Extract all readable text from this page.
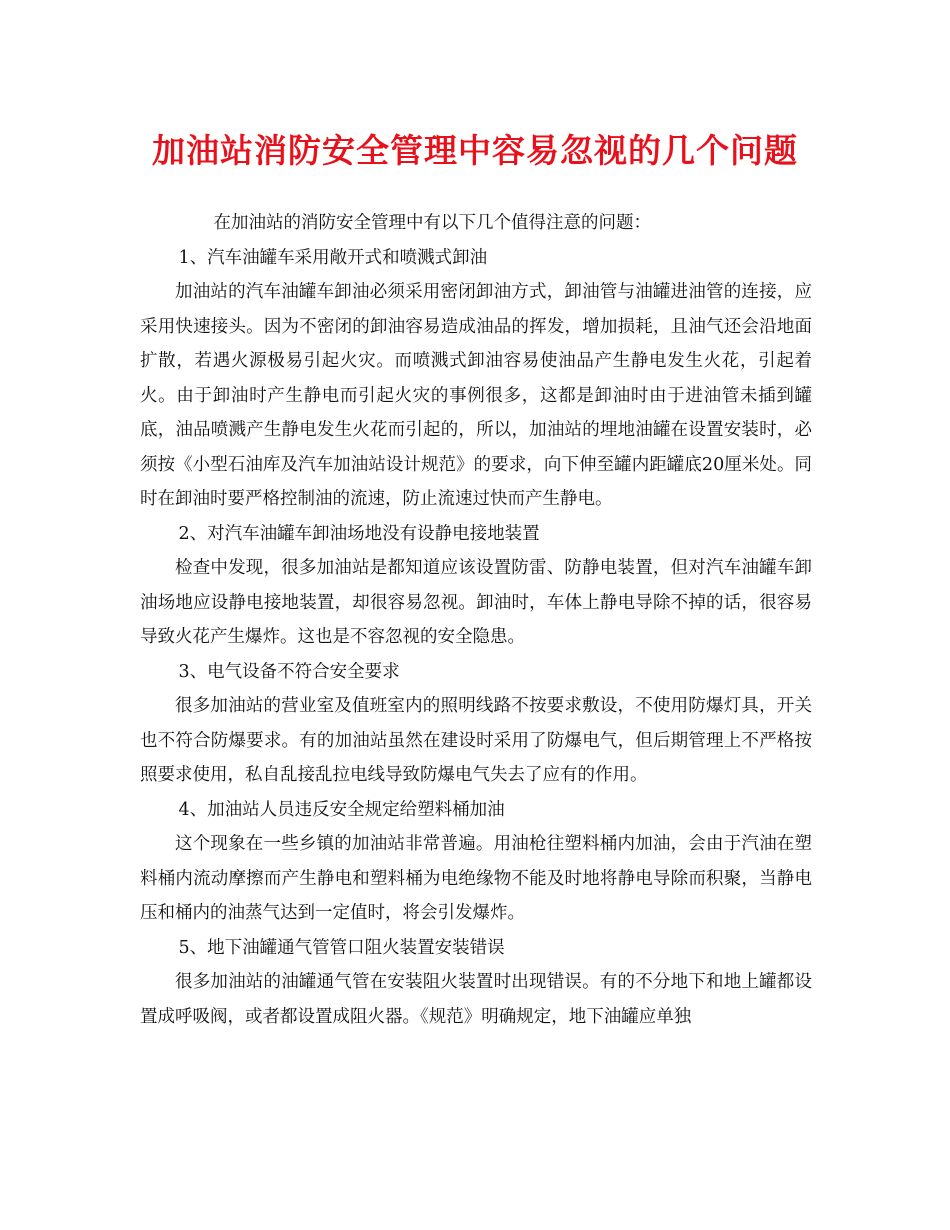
加油站消防安全管理中容易忽视的几个问题

在加油站的消防安全管理中有以下几个值得注意的问题：

1、汽车油罐车采用敞开式和喷溅式卸油

加油站的汽车油罐车卸油必须采用密闭卸油方式，卸油管与油罐进油管的连接，应采用快速接头。因为不密闭的卸油容易造成油品的挥发，增加损耗，且油气还会沿地面扩散，若遇火源极易引起火灾。而喷溅式卸油容易使油品产生静电发生火花，引起着火。由于卸油时产生静电而引起火灾的事例很多，这都是卸油时由于进油管未插到罐底，油品喷溅产生静电发生火花而引起的，所以，加油站的埋地油罐在设置安装时，必须按《小型石油库及汽车加油站设计规范》的要求，向下伸至罐内距罐底20厘米处。同时在卸油时要严格控制油的流速，防止流速过快而产生静电。

2、对汽车油罐车卸油场地没有设静电接地装置

检查中发现，很多加油站是都知道应该设置防雷、防静电装置，但对汽车油罐车卸油场地应设静电接地装置，却很容易忽视。卸油时，车体上静电导除不掉的话，很容易导致火花产生爆炸。这也是不容忽视的安全隐患。

3、电气设备不符合安全要求

很多加油站的营业室及值班室内的照明线路不按要求敷设，不使用防爆灯具，开关也不符合防爆要求。有的加油站虽然在建设时采用了防爆电气，但后期管理上不严格按照要求使用，私自乱接乱拉电线导致防爆电气失去了应有的作用。

4、加油站人员违反安全规定给塑料桶加油

这个现象在一些乡镇的加油站非常普遍。用油枪往塑料桶内加油，会由于汽油在塑料桶内流动摩擦而产生静电和塑料桶为电绝缘物不能及时地将静电导除而积聚，当静电压和桶内的油蒸气达到一定值时，将会引发爆炸。

5、地下油罐通气管管口阻火装置安装错误

很多加油站的油罐通气管在安装阻火装置时出现错误。有的不分地下和地上罐都设置成呼吸阀，或者都设置成阻火器。《规范》明确规定，地下油罐应单独
